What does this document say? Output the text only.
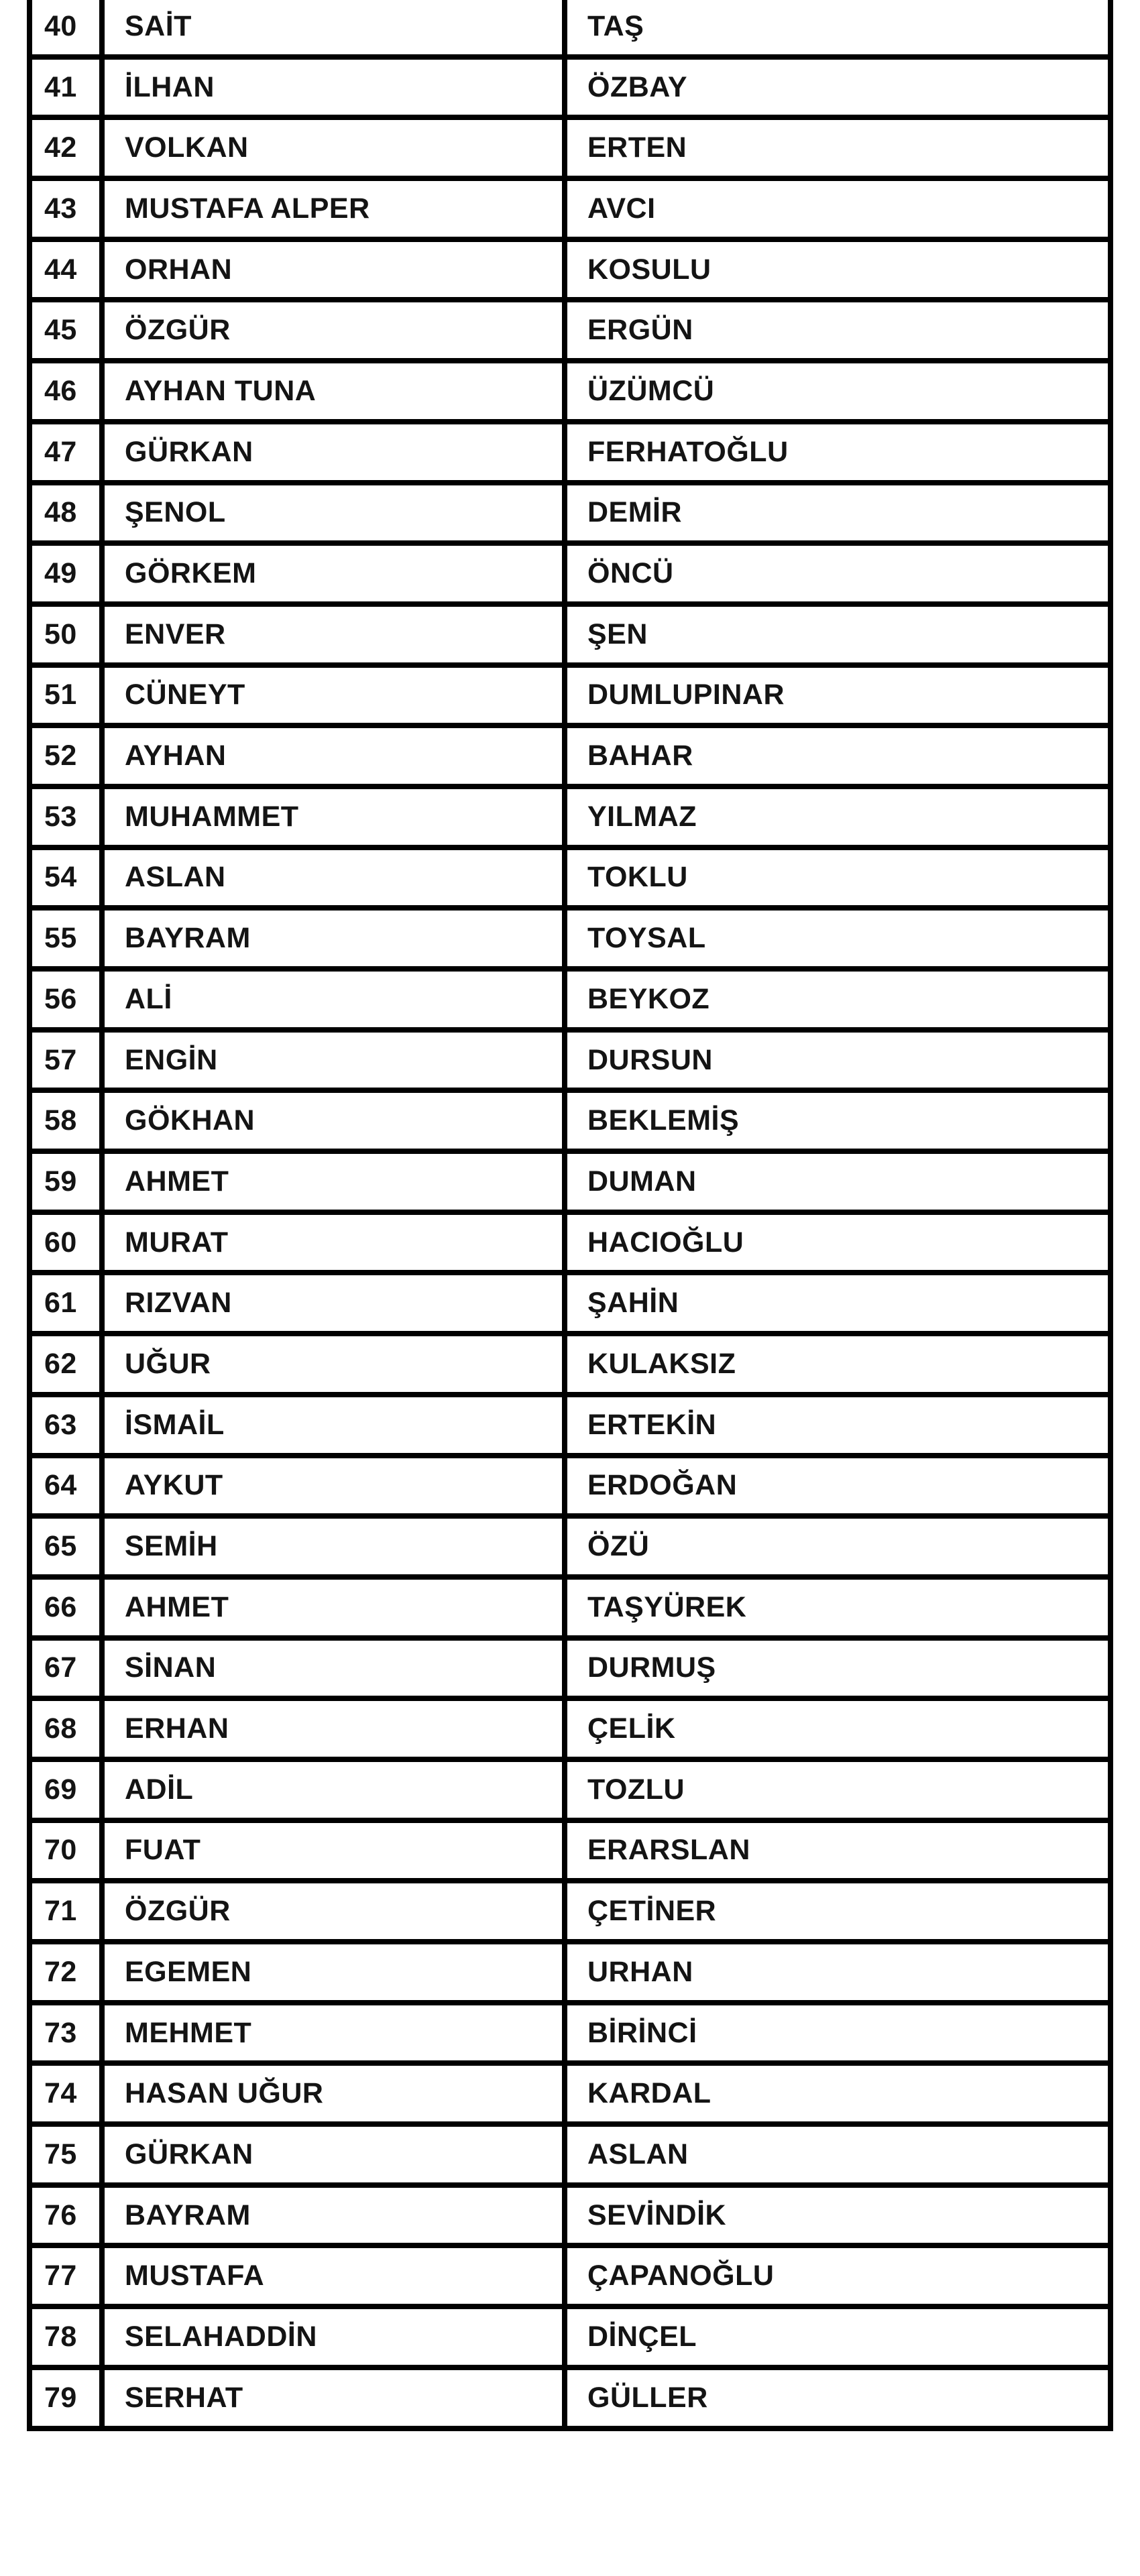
40	SAİT	TAŞ
41	İLHAN	ÖZBAY
42	VOLKAN	ERTEN
43	MUSTAFA ALPER	AVCI
44	ORHAN	KOSULU
45	ÖZGÜR	ERGÜN
46	AYHAN TUNA	ÜZÜMCÜ
47	GÜRKAN	FERHATOĞLU
48	ŞENOL	DEMİR
49	GÖRKEM	ÖNCÜ
50	ENVER	ŞEN
51	CÜNEYT	DUMLUPINAR
52	AYHAN	BAHAR
53	MUHAMMET	YILMAZ
54	ASLAN	TOKLU
55	BAYRAM	TOYSAL
56	ALİ	BEYKOZ
57	ENGİN	DURSUN
58	GÖKHAN	BEKLEMİŞ
59	AHMET	DUMAN
60	MURAT	HACIOĞLU
61	RIZVAN	ŞAHİN
62	UĞUR	KULAKSIZ
63	İSMAİL	ERTEKİN
64	AYKUT	ERDOĞAN
65	SEMİH	ÖZÜ
66	AHMET	TAŞYÜREK
67	SİNAN	DURMUŞ
68	ERHAN	ÇELİK
69	ADİL	TOZLU
70	FUAT	ERARSLAN
71	ÖZGÜR	ÇETİNER
72	EGEMEN	URHAN
73	MEHMET	BİRİNCİ
74	HASAN UĞUR	KARDAL
75	GÜRKAN	ASLAN
76	BAYRAM	SEVİNDİK
77	MUSTAFA	ÇAPANOĞLU
78	SELAHADDİN	DİNÇEL
79	SERHAT	GÜLLER
